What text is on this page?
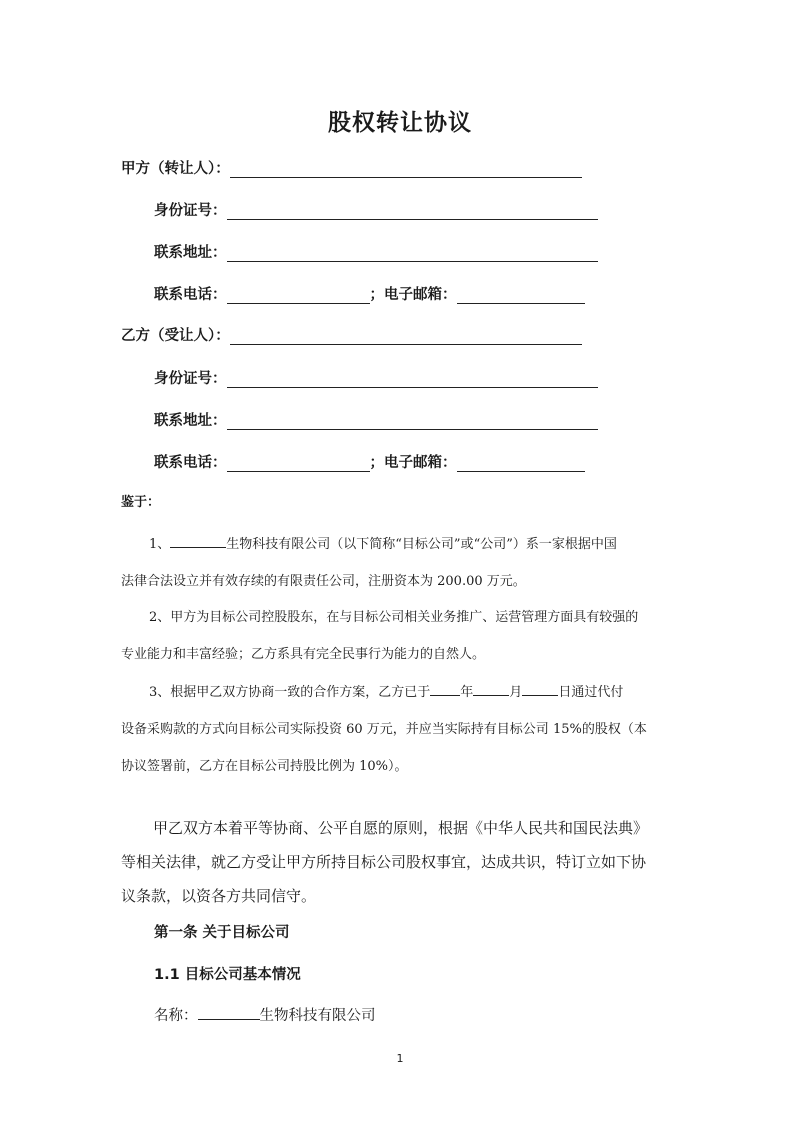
股权转让协议
甲方（转让人）：
身份证号：
联系地址：
联系电话：	；电子邮箱：
乙方（受让人）：
身份证号：
联系地址：
联系电话：	；电子邮箱：
鉴于：
1、	生物科技有限公司（以下简称“目标公司”或“公司”）系一家根据中国
法律合法设立并有效存续的有限责任公司，注册资本为 200.00 万元。
2、甲方为目标公司控股股东，在与目标公司相关业务推广、运营管理方面具有较强的
专业能力和丰富经验；乙方系具有完全民事行为能力的自然人。
3、根据甲乙双方协商一致的合作方案，乙方已于 年	月	日通过代付
设备采购款的方式向目标公司实际投资 60 万元，并应当实际持有目标公司 15%的股权（本
协议签署前，乙方在目标公司持股比例为 10%）。
甲乙双方本着平等协商、公平自愿的原则，根据《中华人民共和国民法典》
等相关法律，就乙方受让甲方所持目标公司股权事宜，达成共识，特订立如下协
议条款，以资各方共同信守。
第一条 关于目标公司
1.1 目标公司基本情况
名称：	生物科技有限公司
1
